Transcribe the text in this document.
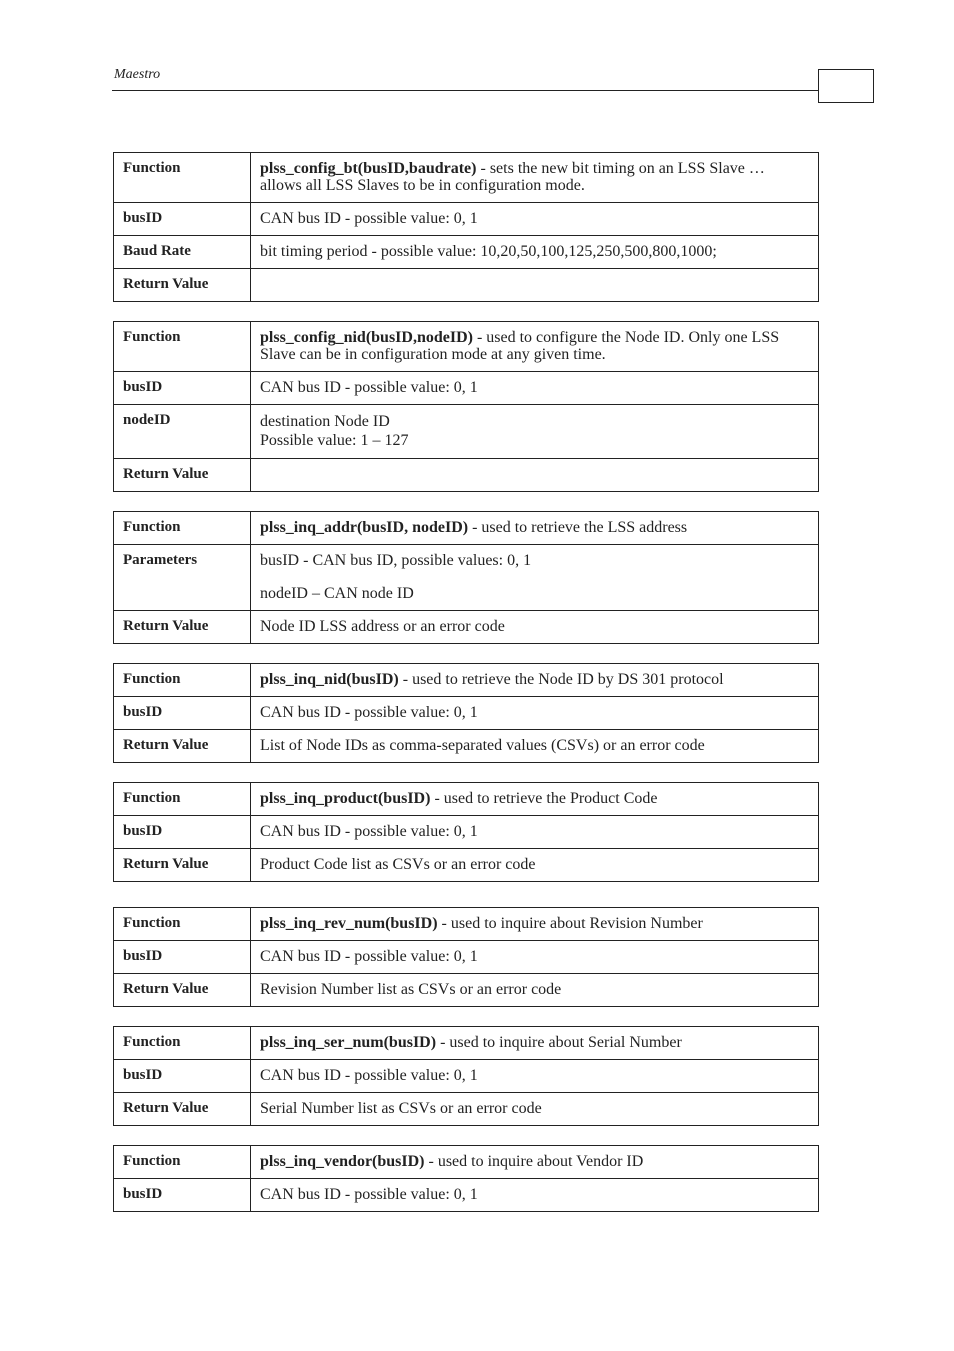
Maestro
Function	plss_config_bt(busID,baudrate) - sets the new bit timing on an LSS Slave … allows all LSS Slaves to be in configuration mode.
busID	CAN bus ID - possible value: 0, 1
Baud Rate	bit timing period - possible value: 10,20,50,100,125,250,500,800,1000;
Return Value	
Function	plss_config_nid(busID,nodeID) - used to configure the Node ID. Only one LSS Slave can be in configuration mode at any given time.
busID	CAN bus ID - possible value: 0, 1
nodeID	destination Node ID
Possible value: 1 – 127

Return Value	
Function	plss_inq_addr(busID, nodeID) - used to retrieve the LSS address
Parameters	busID - CAN bus ID, possible values: 0, 1
nodeID – CAN node ID

Return Value	Node ID LSS address or an error code
Function	plss_inq_nid(busID) - used to retrieve the Node ID by DS 301 protocol
busID	CAN bus ID - possible value: 0, 1
Return Value	List of Node IDs as comma-separated values (CSVs) or an error code
Function	plss_inq_product(busID) - used to retrieve the Product Code
busID	CAN bus ID - possible value: 0, 1
Return Value	Product Code list as CSVs or an error code
Function	plss_inq_rev_num(busID) - used to inquire about Revision Number
busID	CAN bus ID - possible value: 0, 1
Return Value	Revision Number list as CSVs or an error code
Function	plss_inq_ser_num(busID) - used to inquire about Serial Number
busID	CAN bus ID - possible value: 0, 1
Return Value	Serial Number list as CSVs or an error code
Function	plss_inq_vendor(busID) - used to inquire about Vendor ID
busID	CAN bus ID - possible value: 0, 1
